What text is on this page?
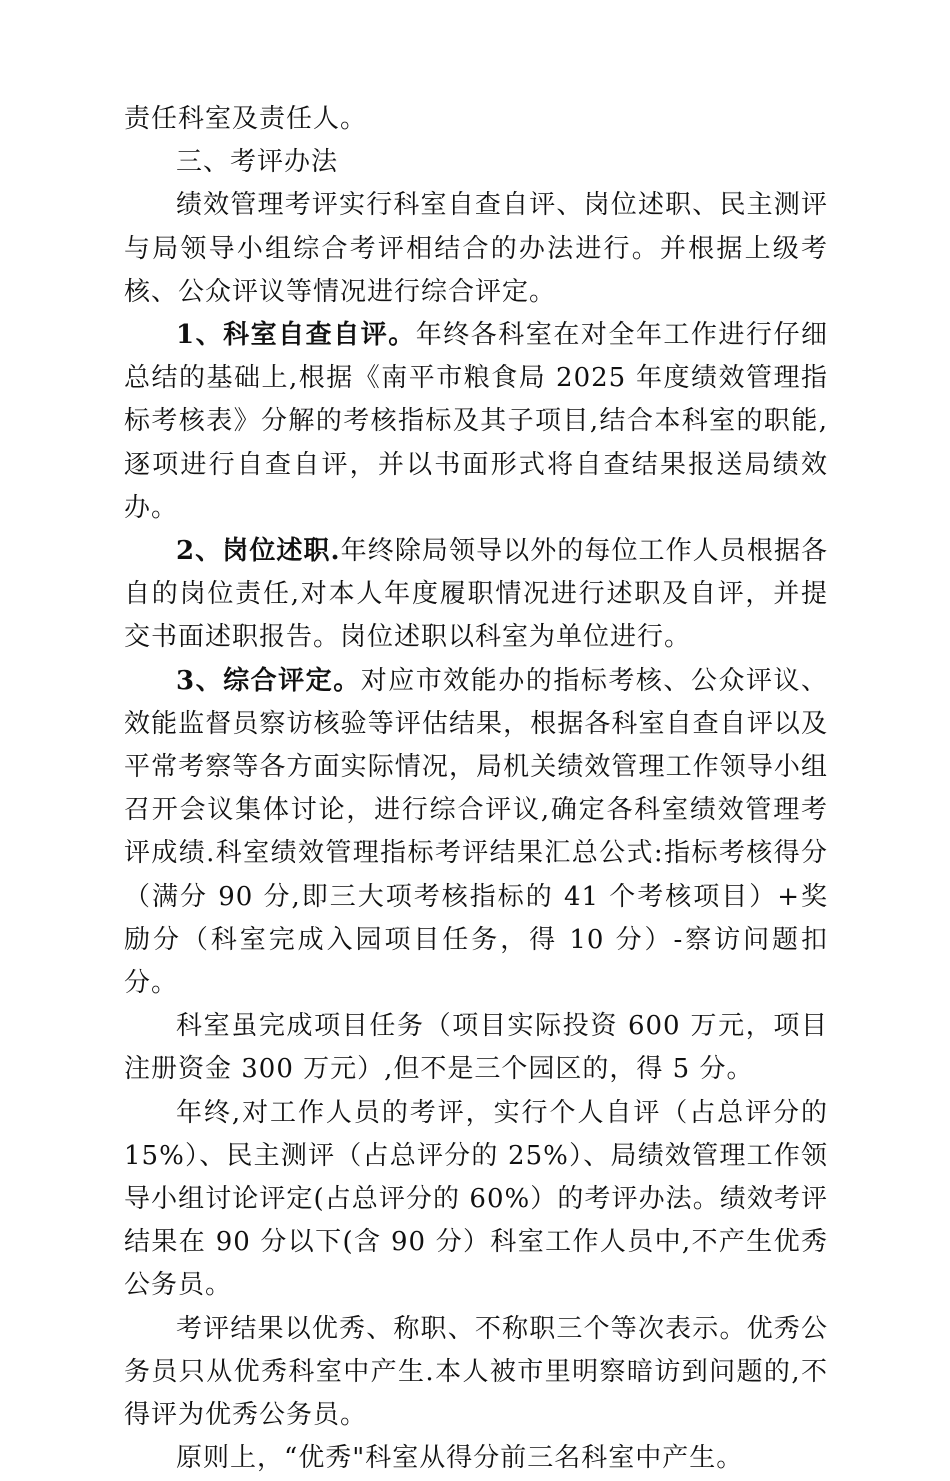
责任科室及责任人。

三、考评办法

绩效管理考评实行科室自查自评、岗位述职、民主测评与局领导小组综合考评相结合的办法进行。并根据上级考核、公众评议等情况进行综合评定。

1、科室自查自评。年终各科室在对全年工作进行仔细总结的基础上,根据《南平市粮食局 2025 年度绩效管理指标考核表》分解的考核指标及其子项目,结合本科室的职能,逐项进行自查自评，并以书面形式将自查结果报送局绩效办。

2、岗位述职.年终除局领导以外的每位工作人员根据各自的岗位责任,对本人年度履职情况进行述职及自评，并提交书面述职报告。岗位述职以科室为单位进行。

3、综合评定。对应市效能办的指标考核、公众评议、效能监督员察访核验等评估结果，根据各科室自查自评以及平常考察等各方面实际情况，局机关绩效管理工作领导小组召开会议集体讨论，进行综合评议,确定各科室绩效管理考评成绩.科室绩效管理指标考评结果汇总公式:指标考核得分（满分 90 分,即三大项考核指标的 41 个考核项目）+奖励分（科室完成入园项目任务，得 10 分）-察访问题扣分。

科室虽完成项目任务（项目实际投资 600 万元，项目注册资金 300 万元）,但不是三个园区的，得 5 分。

年终,对工作人员的考评，实行个人自评（占总评分的 15%）、民主测评（占总评分的 25%）、局绩效管理工作领导小组讨论评定(占总评分的 60%）的考评办法。绩效考评结果在 90 分以下(含 90 分）科室工作人员中,不产生优秀公务员。

考评结果以优秀、称职、不称职三个等次表示。优秀公务员只从优秀科室中产生.本人被市里明察暗访到问题的,不得评为优秀公务员。

原则上，“优秀"科室从得分前三名科室中产生。
